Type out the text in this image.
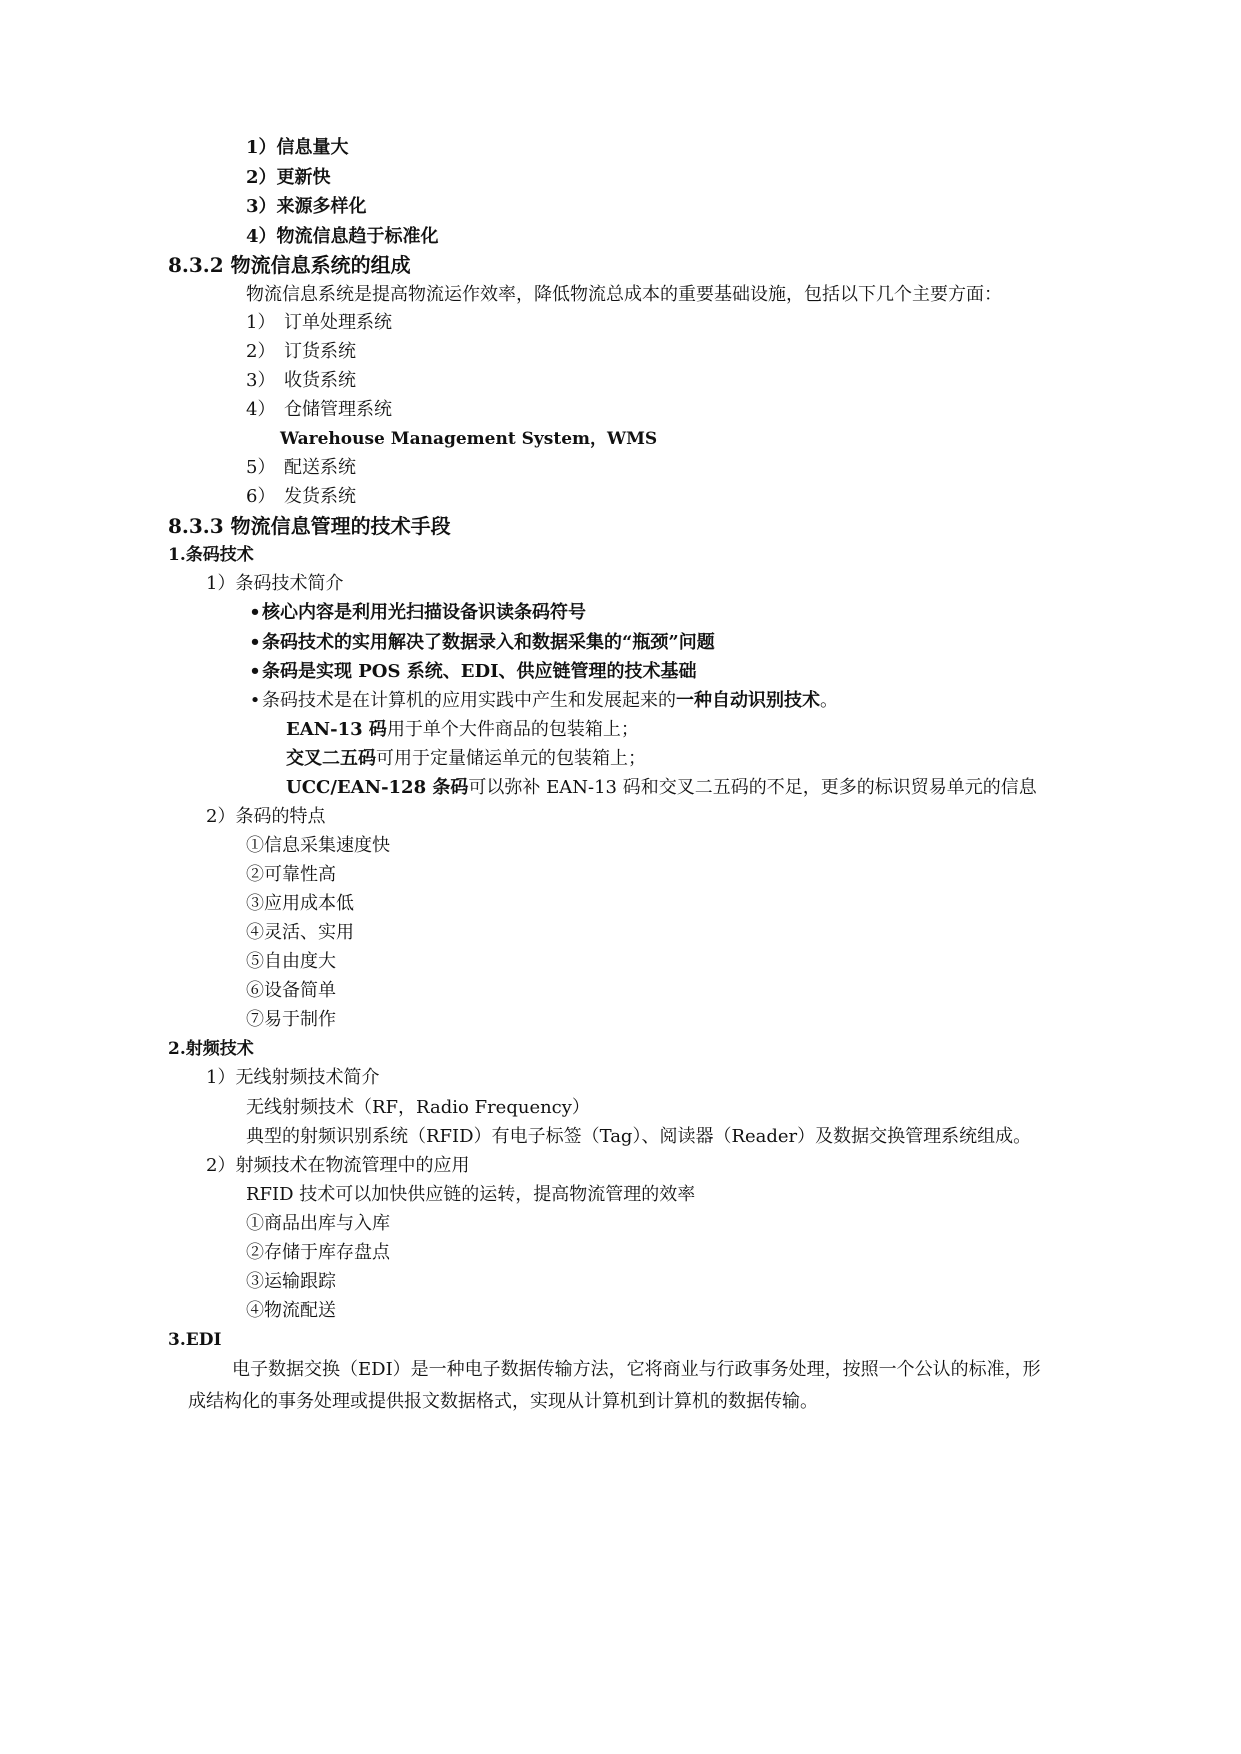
1）信息量大
2）更新快
3）来源多样化
4）物流信息趋于标准化
8.3.2 物流信息系统的组成
物流信息系统是提高物流运作效率，降低物流总成本的重要基础设施，包括以下几个主要方面：
1） 订单处理系统
2） 订货系统
3） 收货系统
4） 仓储管理系统
Warehouse Management System，WMS
5） 配送系统
6） 发货系统
8.3.3 物流信息管理的技术手段
1.条码技术
1）条码技术简介
•核心内容是利用光扫描设备识读条码符号
•条码技术的实用解决了数据录入和数据采集的“瓶颈”问题
•条码是实现 POS 系统、EDI、供应链管理的技术基础
•条码技术是在计算机的应用实践中产生和发展起来的一种自动识别技术。
EAN-13 码用于单个大件商品的包装箱上；
交叉二五码可用于定量储运单元的包装箱上；
UCC/EAN-128 条码可以弥补 EAN-13 码和交叉二五码的不足，更多的标识贸易单元的信息
2）条码的特点
①信息采集速度快
②可靠性高
③应用成本低
④灵活、实用
⑤自由度大
⑥设备简单
⑦易于制作
2.射频技术
1）无线射频技术简介
无线射频技术（RF，Radio Frequency）
典型的射频识别系统（RFID）有电子标签（Tag）、阅读器（Reader）及数据交换管理系统组成。
2）射频技术在物流管理中的应用
RFID 技术可以加快供应链的运转，提高物流管理的效率
①商品出库与入库
②存储于库存盘点
③运输跟踪
④物流配送
3.EDI
电子数据交换（EDI）是一种电子数据传输方法，它将商业与行政事务处理，按照一个公认的标准，形成结构化的事务处理或提供报文数据格式，实现从计算机到计算机的数据传输。
